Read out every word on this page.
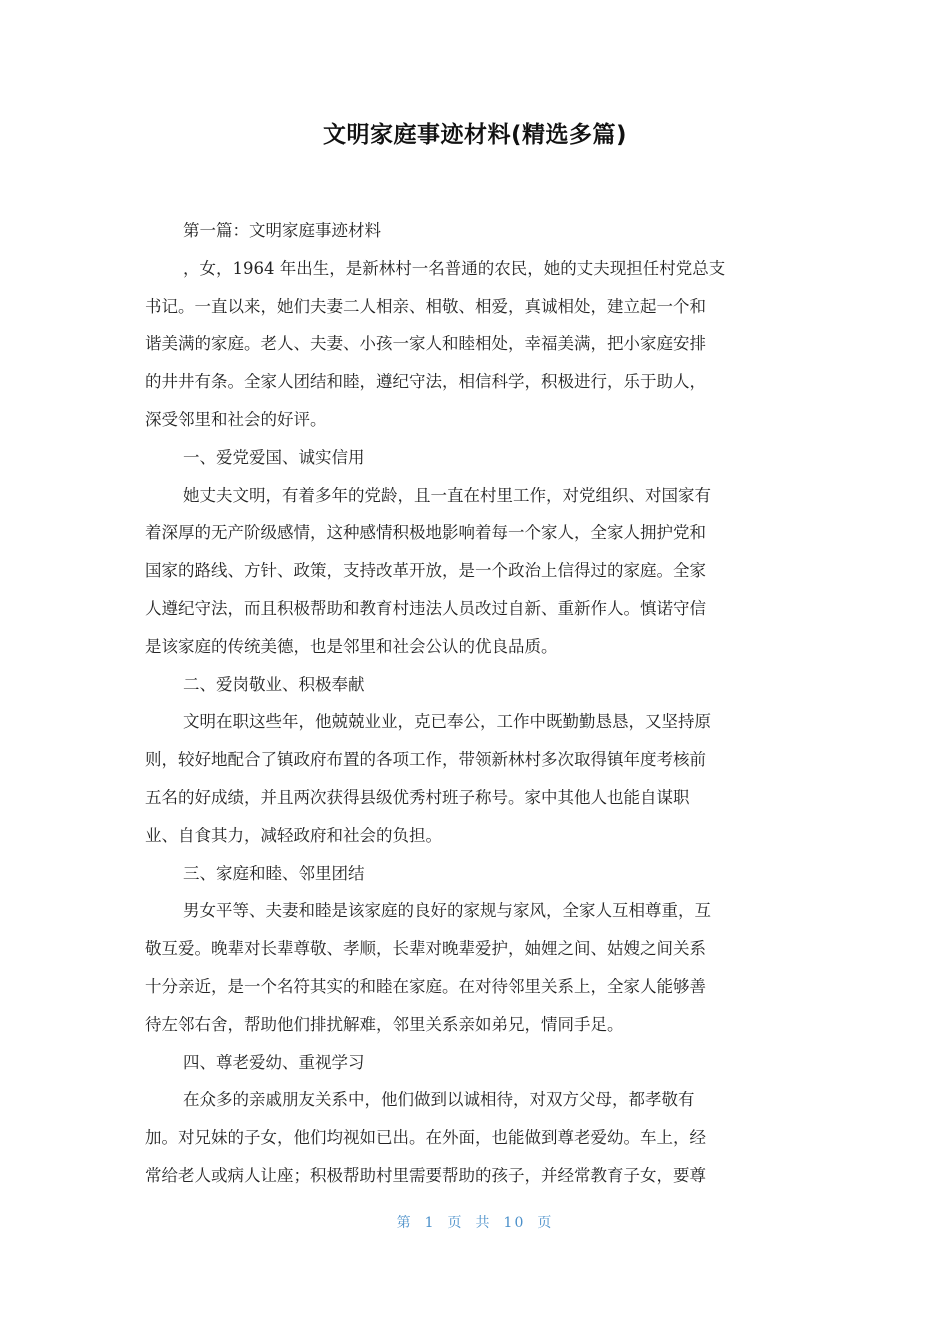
文明家庭事迹材料(精选多篇)
第一篇：文明家庭事迹材料
，女，1964 年出生，是新林村一名普通的农民，她的丈夫现担任村党总支
书记。一直以来，她们夫妻二人相亲、相敬、相爱，真诚相处，建立起一个和
谐美满的家庭。老人、夫妻、小孩一家人和睦相处，幸福美满，把小家庭安排
的井井有条。全家人团结和睦，遵纪守法，相信科学，积极进行，乐于助人，
深受邻里和社会的好评。
一、爱党爱国、诚实信用
她丈夫文明，有着多年的党龄，且一直在村里工作，对党组织、对国家有
着深厚的无产阶级感情，这种感情积极地影响着每一个家人，全家人拥护党和
国家的路线、方针、政策，支持改革开放，是一个政治上信得过的家庭。全家
人遵纪守法，而且积极帮助和教育村违法人员改过自新、重新作人。慎诺守信
是该家庭的传统美德，也是邻里和社会公认的优良品质。
二、爱岗敬业、积极奉献
文明在职这些年，他兢兢业业，克已奉公，工作中既勤勤恳恳，又坚持原
则，较好地配合了镇政府布置的各项工作，带领新林村多次取得镇年度考核前
五名的好成绩，并且两次获得县级优秀村班子称号。家中其他人也能自谋职
业、自食其力，减轻政府和社会的负担。
三、家庭和睦、邻里团结
男女平等、夫妻和睦是该家庭的良好的家规与家风，全家人互相尊重，互
敬互爱。晚辈对长辈尊敬、孝顺，长辈对晚辈爱护，妯娌之间、姑嫂之间关系
十分亲近，是一个名符其实的和睦在家庭。在对待邻里关系上，全家人能够善
待左邻右舍，帮助他们排扰解难，邻里关系亲如弟兄，情同手足。
四、尊老爱幼、重视学习
在众多的亲戚朋友关系中，他们做到以诚相待，对双方父母，都孝敬有
加。对兄妹的子女，他们均视如已出。在外面，也能做到尊老爱幼。车上，经
常给老人或病人让座；积极帮助村里需要帮助的孩子，并经常教育子女，要尊
第 1 页 共 10 页
